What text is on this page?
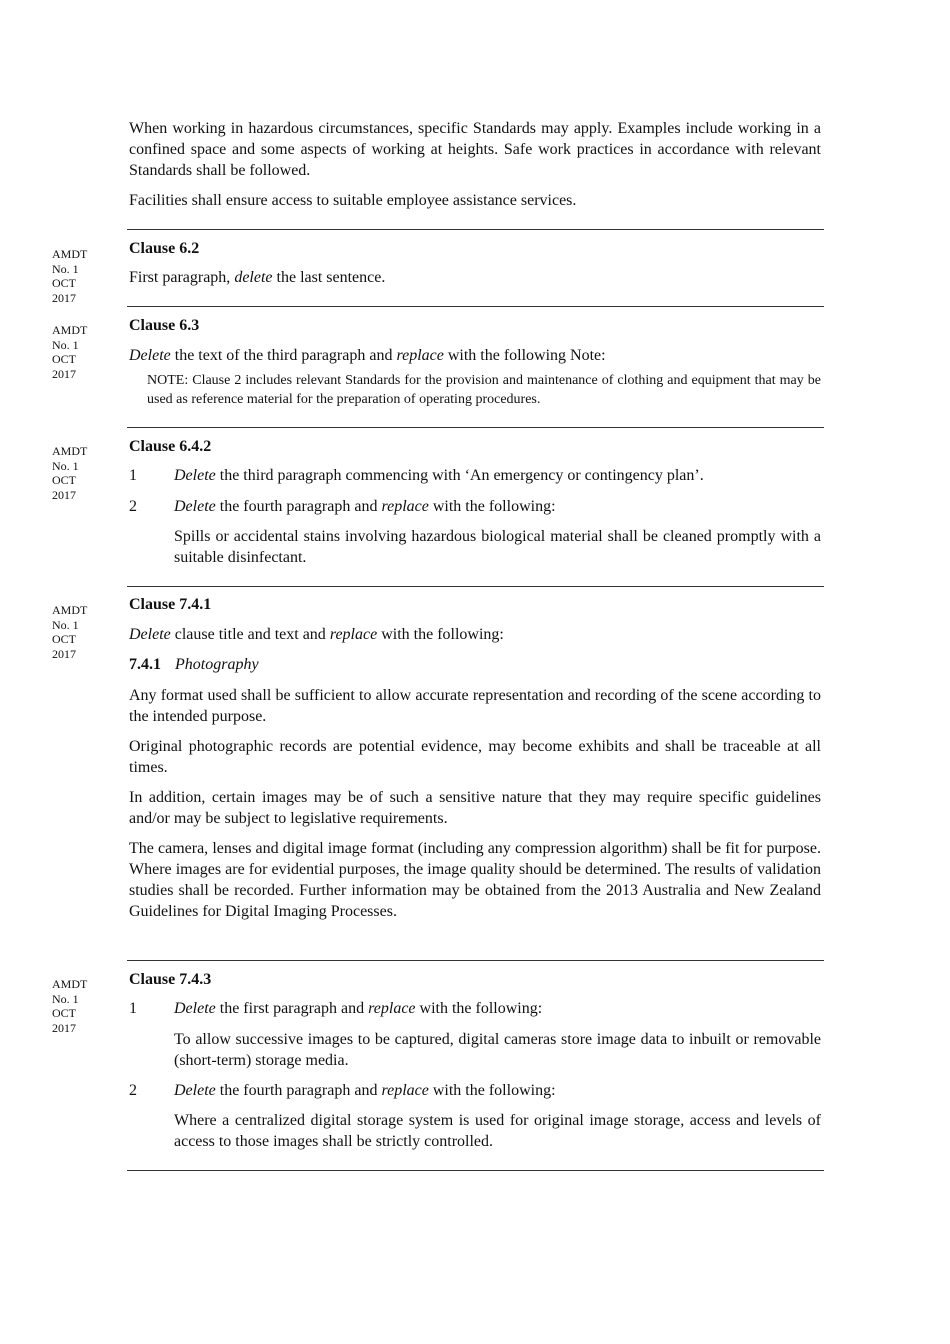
When working in hazardous circumstances, specific Standards may apply. Examples include working in a confined space and some aspects of working at heights. Safe work practices in accordance with relevant Standards shall be followed.

Facilities shall ensure access to suitable employee assistance services.

AMDT
No. 1
OCT
2017

Clause 6.2

First paragraph, delete the last sentence.

AMDT
No. 1
OCT
2017

Clause 6.3

Delete the text of the third paragraph and replace with the following Note:

NOTE: Clause 2 includes relevant Standards for the provision and maintenance of clothing and equipment that may be used as reference material for the preparation of operating procedures.

AMDT
No. 1
OCT
2017

Clause 6.4.2

1 Delete the third paragraph commencing with ‘An emergency or contingency plan’.

2 Delete the fourth paragraph and replace with the following:

Spills or accidental stains involving hazardous biological material shall be cleaned promptly with a suitable disinfectant.

AMDT
No. 1
OCT
2017

Clause 7.4.1

Delete clause title and text and replace with the following:

7.4.1 Photography

Any format used shall be sufficient to allow accurate representation and recording of the scene according to the intended purpose.

Original photographic records are potential evidence, may become exhibits and shall be traceable at all times.

In addition, certain images may be of such a sensitive nature that they may require specific guidelines and/or may be subject to legislative requirements.

The camera, lenses and digital image format (including any compression algorithm) shall be fit for purpose. Where images are for evidential purposes, the image quality should be determined. The results of validation studies shall be recorded. Further information may be obtained from the 2013 Australia and New Zealand Guidelines for Digital Imaging Processes.

AMDT
No. 1
OCT
2017

Clause 7.4.3

1 Delete the first paragraph and replace with the following:

To allow successive images to be captured, digital cameras store image data to inbuilt or removable (short-term) storage media.

2 Delete the fourth paragraph and replace with the following:

Where a centralized digital storage system is used for original image storage, access and levels of access to those images shall be strictly controlled.
